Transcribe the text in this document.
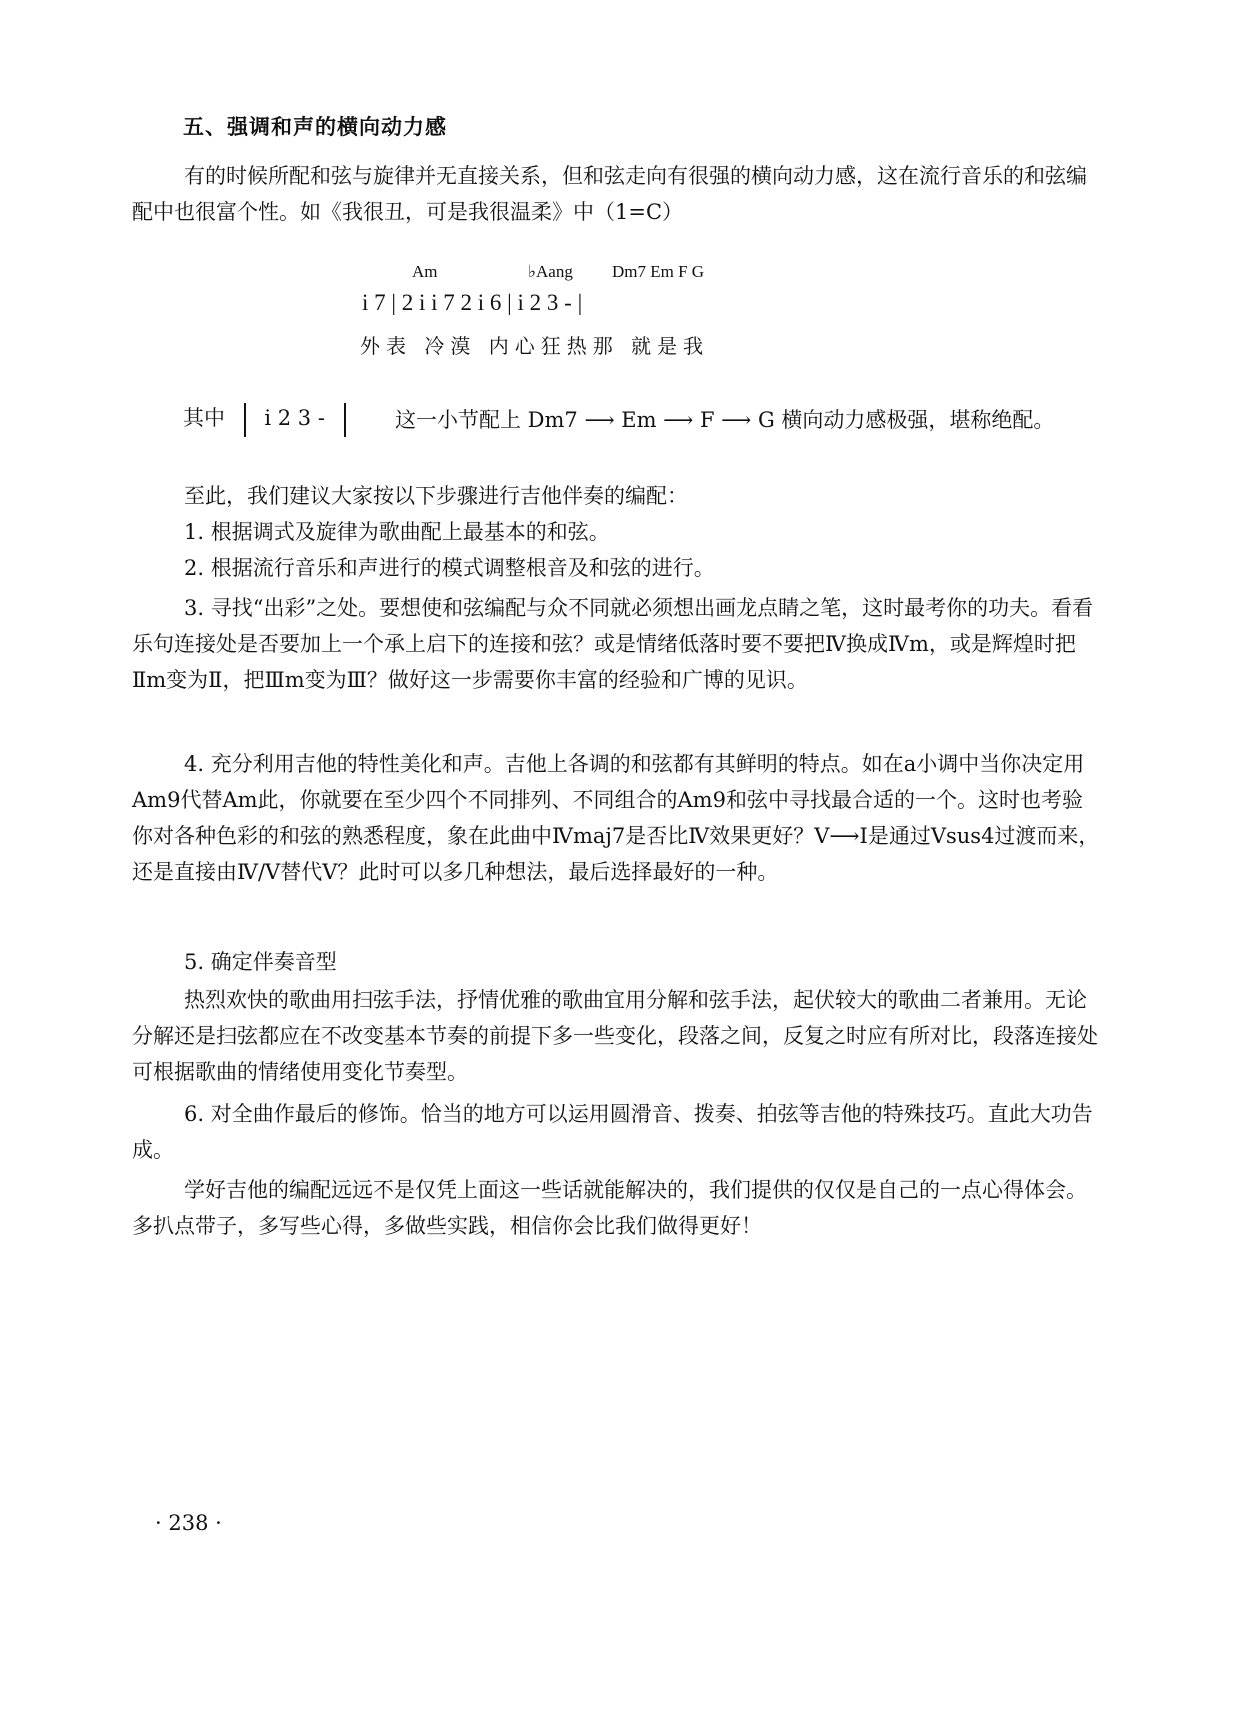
五、强调和声的横向动力感
有的时候所配和弦与旋律并无直接关系，但和弦走向有很强的横向动力感，这在流行音乐的和弦编配中也很富个性。如《我很丑，可是我很温柔》中（1=C）
Am	♭Aang Dm7 Em F G
i 7 | 2 i i 7 2 i 6 | i 2 3 - |
外表 冷漠 内心狂热那 就是我
其中 i 2 3 -	这一小节配上 Dm7 ⟶ Em ⟶ F ⟶ G 横向动力感极强，堪称绝配。
至此，我们建议大家按以下步骤进行吉他伴奏的编配：
1. 根据调式及旋律为歌曲配上最基本的和弦。
2. 根据流行音乐和声进行的模式调整根音及和弦的进行。
3. 寻找“出彩”之处。要想使和弦编配与众不同就必须想出画龙点睛之笔，这时最考你的功夫。看看乐句连接处是否要加上一个承上启下的连接和弦？或是情绪低落时要不要把Ⅳ换成Ⅳm，或是辉煌时把Ⅱm变为Ⅱ，把Ⅲm变为Ⅲ？做好这一步需要你丰富的经验和广博的见识。
4. 充分利用吉他的特性美化和声。吉他上各调的和弦都有其鲜明的特点。如在a小调中当你决定用Am9代替Am此，你就要在至少四个不同排列、不同组合的Am9和弦中寻找最合适的一个。这时也考验你对各种色彩的和弦的熟悉程度，象在此曲中Ⅳmaj7是否比Ⅳ效果更好？Ⅴ⟶Ⅰ是通过Vsus4过渡而来，还是直接由Ⅳ/Ⅴ替代Ⅴ？此时可以多几种想法，最后选择最好的一种。
5. 确定伴奏音型
热烈欢快的歌曲用扫弦手法，抒情优雅的歌曲宜用分解和弦手法，起伏较大的歌曲二者兼用。无论分解还是扫弦都应在不改变基本节奏的前提下多一些变化，段落之间，反复之时应有所对比，段落连接处可根据歌曲的情绪使用变化节奏型。
6. 对全曲作最后的修饰。恰当的地方可以运用圆滑音、拨奏、拍弦等吉他的特殊技巧。直此大功告成。
学好吉他的编配远远不是仅凭上面这一些话就能解决的，我们提供的仅仅是自己的一点心得体会。多扒点带子，多写些心得，多做些实践，相信你会比我们做得更好！
· 238 ·
